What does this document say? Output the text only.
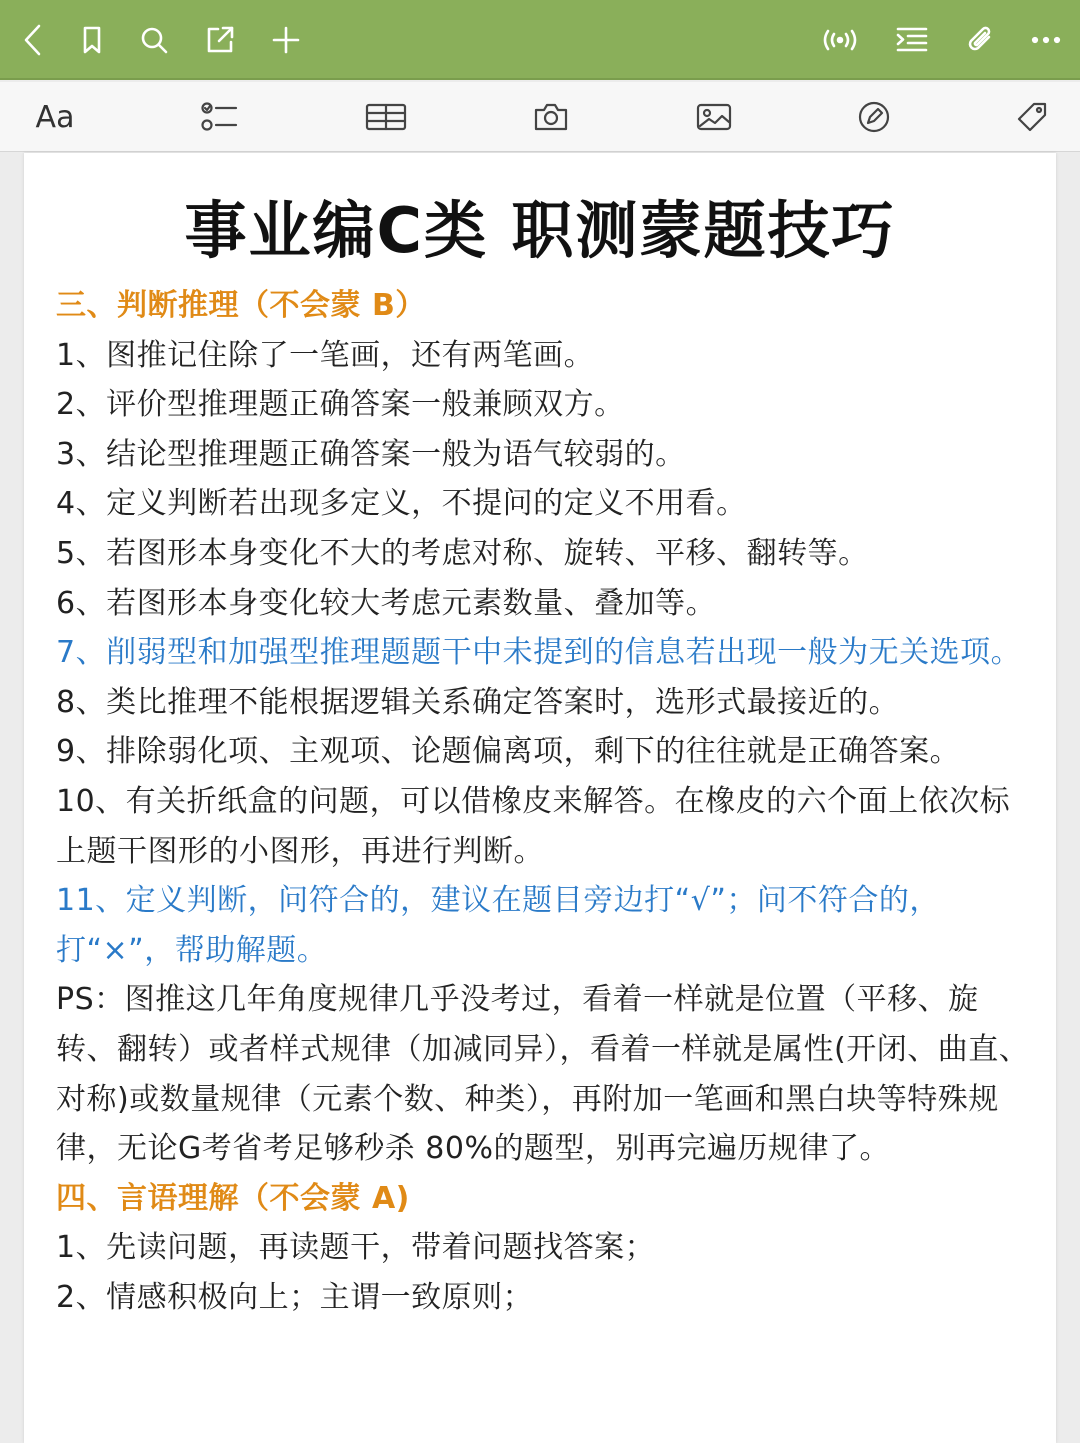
Aa
事业编C类 职测蒙题技巧
三、判断推理（不会蒙 B）
1、图推记住除了一笔画，还有两笔画。
2、评价型推理题正确答案一般兼顾双方。
3、结论型推理题正确答案一般为语气较弱的。
4、定义判断若出现多定义，不提问的定义不用看。
5、若图形本身变化不大的考虑对称、旋转、平移、翻转等。
6、若图形本身变化较大考虑元素数量、叠加等。
7、削弱型和加强型推理题题干中未提到的信息若出现一般为无关选项。
8、类比推理不能根据逻辑关系确定答案时，选形式最接近的。
9、排除弱化项、主观项、论题偏离项，剩下的往往就是正确答案。
10、有关折纸盒的问题，可以借橡皮来解答。在橡皮的六个面上依次标上题干图形的小图形，再进行判断。
11、定义判断，问符合的，建议在题目旁边打“√”；问不符合的，打“×”，帮助解题。
PS：图推这几年角度规律几乎没考过，看着一样就是位置（平移、旋转、翻转）或者样式规律（加减同异），看着一样就是属性(开闭、曲直、对称)或数量规律（元素个数、种类），再附加一笔画和黑白块等特殊规律，无论G考省考足够秒杀 80%的题型，别再完遍历规律了。
四、言语理解（不会蒙 A)
1、先读问题，再读题干，带着问题找答案；
2、情感积极向上；主谓一致原则；
